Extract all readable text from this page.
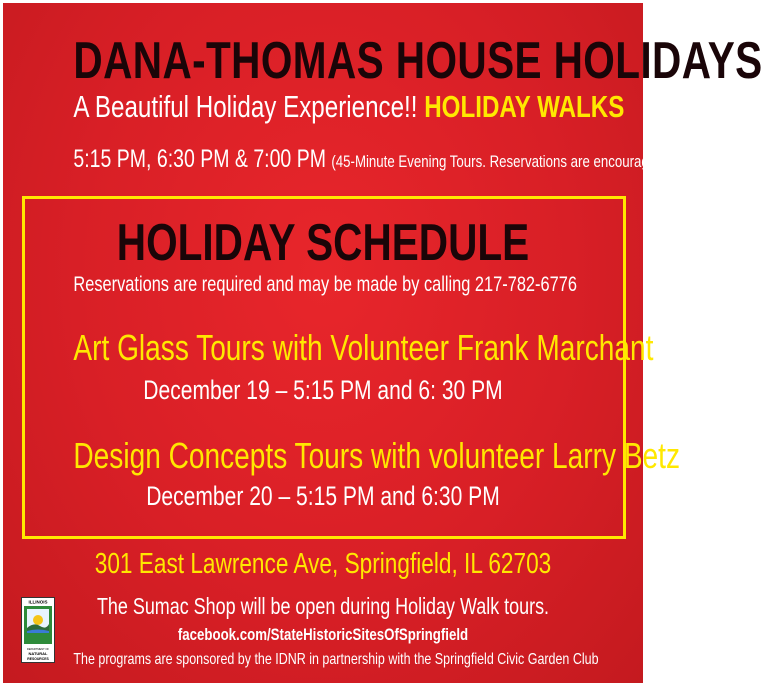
DANA-THOMAS HOUSE HOLIDAYS
A Beautiful Holiday Experience!! HOLIDAY WALKS
5:15 PM, 6:30 PM & 7:00 PM (45-Minute Evening Tours. Reservations are encouraged.)
HOLIDAY SCHEDULE
Reservations are required and may be made by calling 217-782-6776
Art Glass Tours with Volunteer Frank Marchant
December 19 – 5:15 PM and 6: 30 PM
Design Concepts Tours with volunteer Larry Betz
December 20 – 5:15 PM and 6:30 PM
301 East Lawrence Ave, Springfield, IL 62703
The Sumac Shop will be open during Holiday Walk tours.
facebook.com/StateHistoricSitesOfSpringfield
The programs are sponsored by the IDNR in partnership with the Springfield Civic Garden Club
ILLINOIS
DEPARTMENT OF
NATURAL
RESOURCES
